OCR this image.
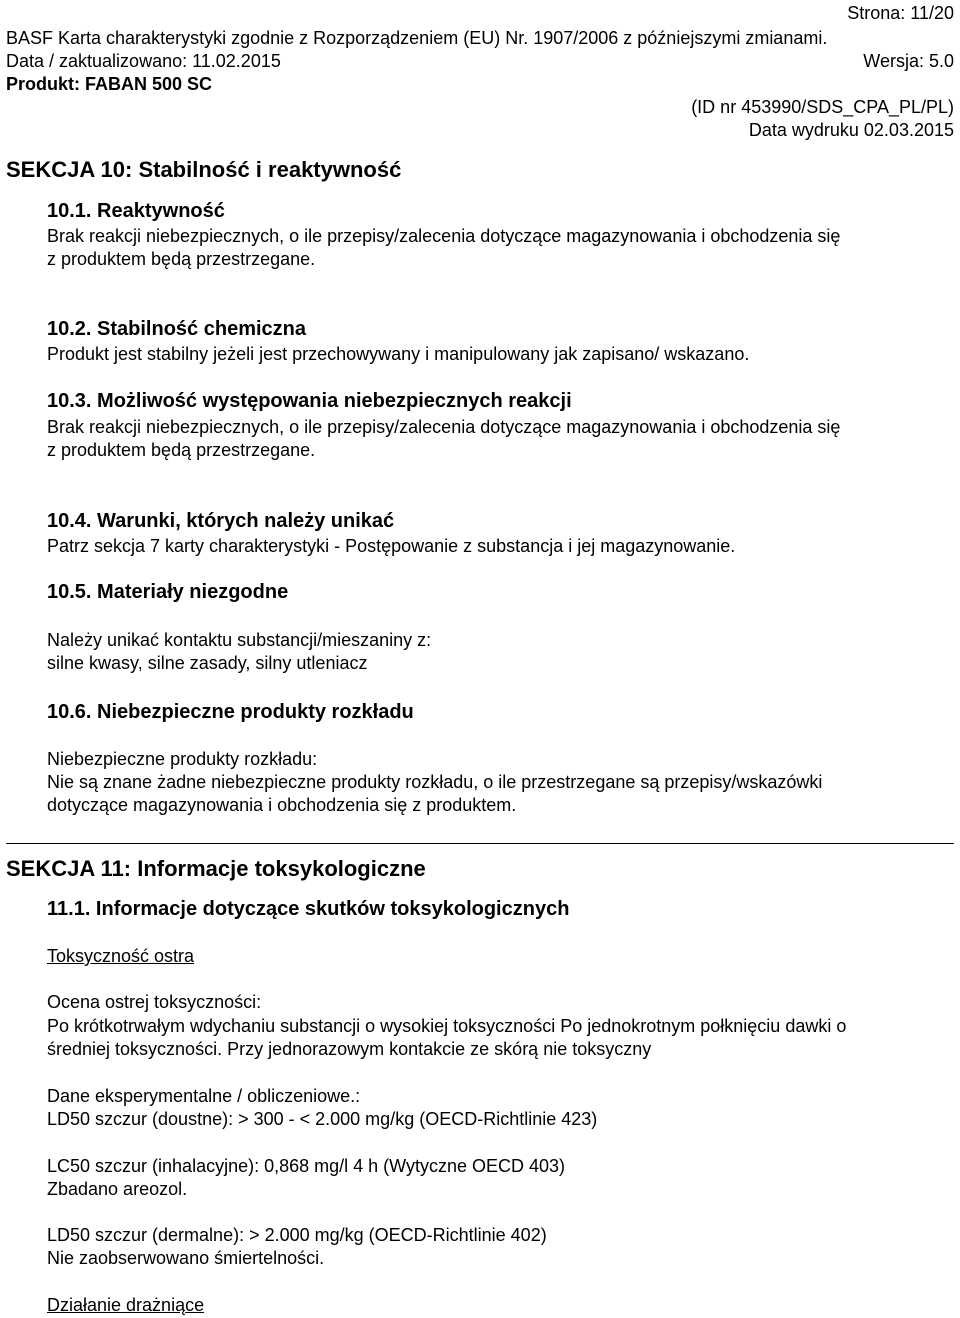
Strona: 11/20
BASF Karta charakterystyki zgodnie z Rozporządzeniem (EU) Nr. 1907/2006 z późniejszymi zmianami.
Data / zaktualizowano: 11.02.2015	Wersja: 5.0
Produkt: FABAN 500 SC
(ID nr 453990/SDS_CPA_PL/PL)
Data wydruku 02.03.2015
SEKCJA 10: Stabilność i reaktywność
10.1. Reaktywność
Brak reakcji niebezpiecznych, o ile przepisy/zalecenia dotyczące magazynowania i obchodzenia się
z produktem będą przestrzegane.
10.2. Stabilność chemiczna
Produkt jest stabilny jeżeli jest przechowywany i manipulowany jak zapisano/ wskazano.
10.3. Możliwość występowania niebezpiecznych reakcji
Brak reakcji niebezpiecznych, o ile przepisy/zalecenia dotyczące magazynowania i obchodzenia się
z produktem będą przestrzegane.
10.4. Warunki, których należy unikać
Patrz sekcja 7 karty charakterystyki - Postępowanie z substancja i jej magazynowanie.
10.5. Materiały niezgodne
Należy unikać kontaktu substancji/mieszaniny z:
silne kwasy, silne zasady, silny utleniacz
10.6. Niebezpieczne produkty rozkładu
Niebezpieczne produkty rozkładu:
Nie są znane żadne niebezpieczne produkty rozkładu, o ile przestrzegane są przepisy/wskazówki
dotyczące magazynowania i obchodzenia się z produktem.
SEKCJA 11: Informacje toksykologiczne
11.1. Informacje dotyczące skutków toksykologicznych
Toksyczność ostra
Ocena ostrej toksyczności:
Po krótkotrwałym wdychaniu substancji o wysokiej toksyczności Po jednokrotnym połknięciu dawki o
średniej toksyczności. Przy jednorazowym kontakcie ze skórą nie toksyczny
Dane eksperymentalne / obliczeniowe.:
LD50 szczur (doustne): > 300 - < 2.000 mg/kg (OECD-Richtlinie 423)
LC50 szczur (inhalacyjne): 0,868 mg/l 4 h (Wytyczne OECD 403)
Zbadano areozol.
LD50 szczur (dermalne): > 2.000 mg/kg (OECD-Richtlinie 402)
Nie zaobserwowano śmiertelności.
Działanie drażniące
